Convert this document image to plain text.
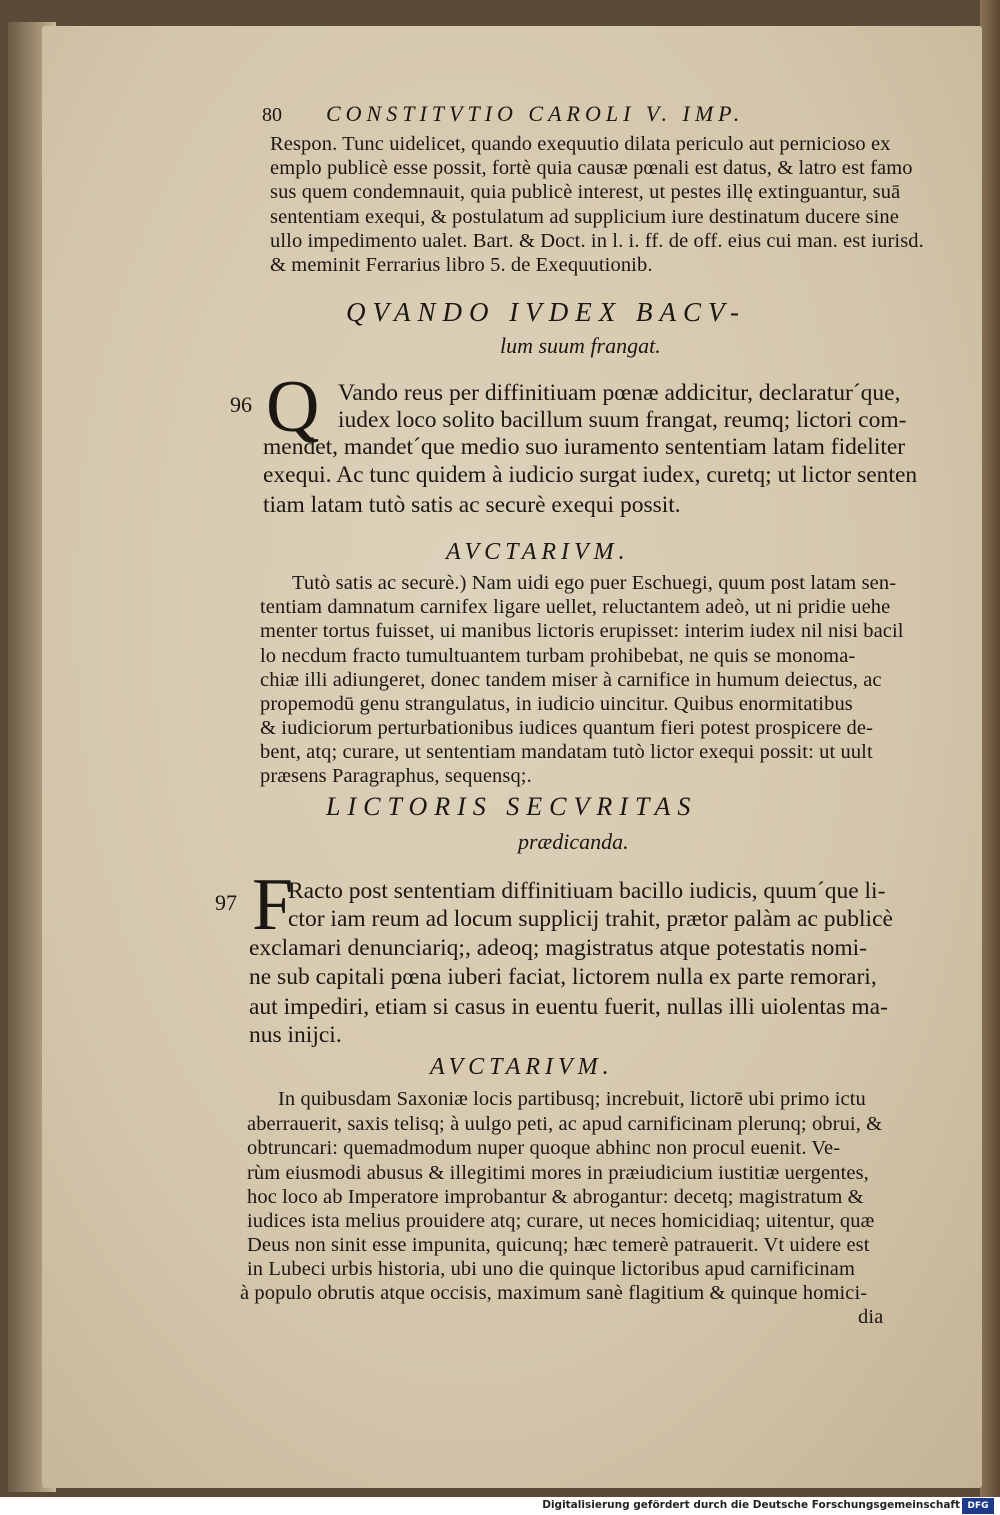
80 CONSTITVTIO CAROLI V. IMP.
Respon. Tunc uidelicet, quando exequutio dilata periculo aut pernicioso ex
emplo publicè esse possit, fortè quia causæ pœnali est datus, & latro est famo
sus quem condemnauit, quia publicè interest, ut pestes illę extinguantur, suā
sententiam exequi, & postulatum ad supplicium iure destinatum ducere sine
ullo impedimento ualet. Bart. & Doct. in l. i. ff. de off. eius cui man. est iurisd.
& meminit Ferrarius libro 5. de Exequutionib.
QVANDO IVDEX BACV-
lum suum frangat.
96 Q Vando reus per diffinitiuam pœnæ addicitur, declaratur´que,
iudex loco solito bacillum suum frangat, reumq; lictori com-
mendet, mandet´que medio suo iuramento sententiam latam fideliter
exequi. Ac tunc quidem à iudicio surgat iudex, curetq; ut lictor senten
tiam latam tutò satis ac securè exequi possit.
AVCTARIVM.
Tutò satis ac securè.) Nam uidi ego puer Eschuegi, quum post latam sen-
tentiam damnatum carnifex ligare uellet, reluctantem adeò, ut ni pridie uehe
menter tortus fuisset, ui manibus lictoris erupisset: interim iudex nil nisi bacil
lo necdum fracto tumultuantem turbam prohibebat, ne quis se monoma-
chiæ illi adiungeret, donec tandem miser à carnifice in humum deiectus, ac
propemodū genu strangulatus, in iudicio uincitur. Quibus enormitatibus
& iudiciorum perturbationibus iudices quantum fieri potest prospicere de-
bent, atq; curare, ut sententiam mandatam tutò lictor exequi possit: ut uult
præsens Paragraphus, sequensq;.
LICTORIS SECVRITAS
prædicanda.
97 F
Racto post sententiam diffinitiuam bacillo iudicis, quum´que li-
ctor iam reum ad locum supplicij trahit, prætor palàm ac publicè
exclamari denunciariq;, adeoq; magistratus atque potestatis nomi-
ne sub capitali pœna iuberi faciat, lictorem nulla ex parte remorari,
aut impediri, etiam si casus in euentu fuerit, nullas illi uiolentas ma-
nus inijci.
AVCTARIVM.
In quibusdam Saxoniæ locis partibusq; increbuit, lictorē ubi primo ictu
aberrauerit, saxis telisq; à uulgo peti, ac apud carnificinam plerunq; obrui, &
obtruncari: quemadmodum nuper quoque abhinc non procul euenit. Ve-
rùm eiusmodi abusus & illegitimi mores in præiudicium iustitiæ uergentes,
hoc loco ab Imperatore improbantur & abrogantur: decetq; magistratum &
iudices ista melius prouidere atq; curare, ut neces homicidiaq; uitentur, quæ
Deus non sinit esse impunita, quicunq; hæc temerè patrauerit. Vt uidere est
in Lubeci urbis historia, ubi uno die quinque lictoribus apud carnificinam
à populo obrutis atque occisis, maximum sanè flagitium & quinque homici-
dia
Digitalisierung gefördert durch die Deutsche Forschungsgemeinschaft DFG
